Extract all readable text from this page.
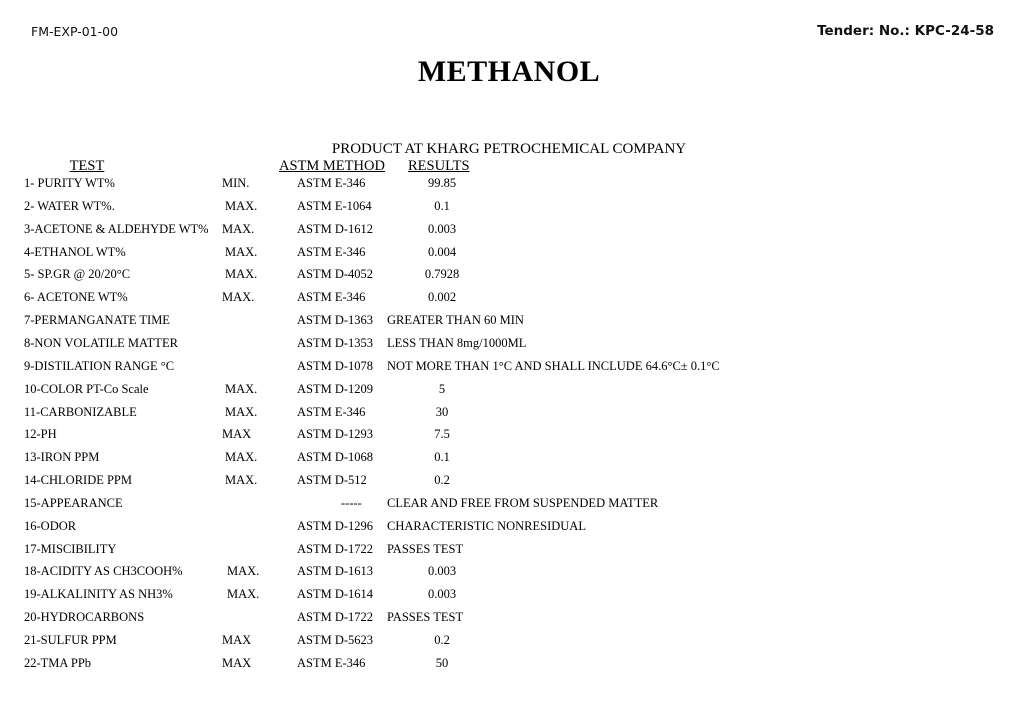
FM-EXP-01-00	Tender: No.: KPC-24-58
METHANOL
PRODUCT AT KHARG PETROCHEMICAL COMPANY
TEST	ASTM METHOD RESULTS
1- PURITY WT%	MIN.	ASTM E-346	99.85
2- WATER WT%.	MAX.	ASTM E-1064	0.1
3-ACETONE & ALDEHYDE WT% MAX.	ASTM D-1612	0.003
4-ETHANOL WT%	MAX.	ASTM E-346	0.004
5- SP.GR @ 20/20°C	MAX.	ASTM D-4052	0.7928
6- ACETONE WT%	MAX.	ASTM E-346	0.002
7-PERMANGANATE TIME	ASTM D-1363 GREATER THAN 60 MIN
8-NON VOLATILE MATTER	ASTM D-1353 LESS THAN 8mg/1000ML
9-DISTILATION RANGE °C	ASTM D-1078 NOT MORE THAN 1°C AND SHALL INCLUDE 64.6°C± 0.1°C
10-COLOR PT-Co Scale	MAX.	ASTM D-1209	5
11-CARBONIZABLE	MAX.	ASTM E-346	30
12-PH	MAX	ASTM D-1293	7.5
13-IRON PPM	MAX.	ASTM D-1068	0.1
14-CHLORIDE PPM	MAX.	ASTM D-512	0.2
15-APPEARANCE	----- CLEAR AND FREE FROM SUSPENDED MATTER
16-ODOR	ASTM D-1296 CHARACTERISTIC NONRESIDUAL
17-MISCIBILITY	ASTM D-1722 PASSES TEST
18-ACIDITY AS CH3COOH%	MAX.	ASTM D-1613	0.003
19-ALKALINITY AS NH3%	MAX.	ASTM D-1614	0.003
20-HYDROCARBONS	ASTM D-1722 PASSES TEST
21-SULFUR PPM	MAX	ASTM D-5623	0.2
22-TMA PPb	MAX	ASTM E-346	50
